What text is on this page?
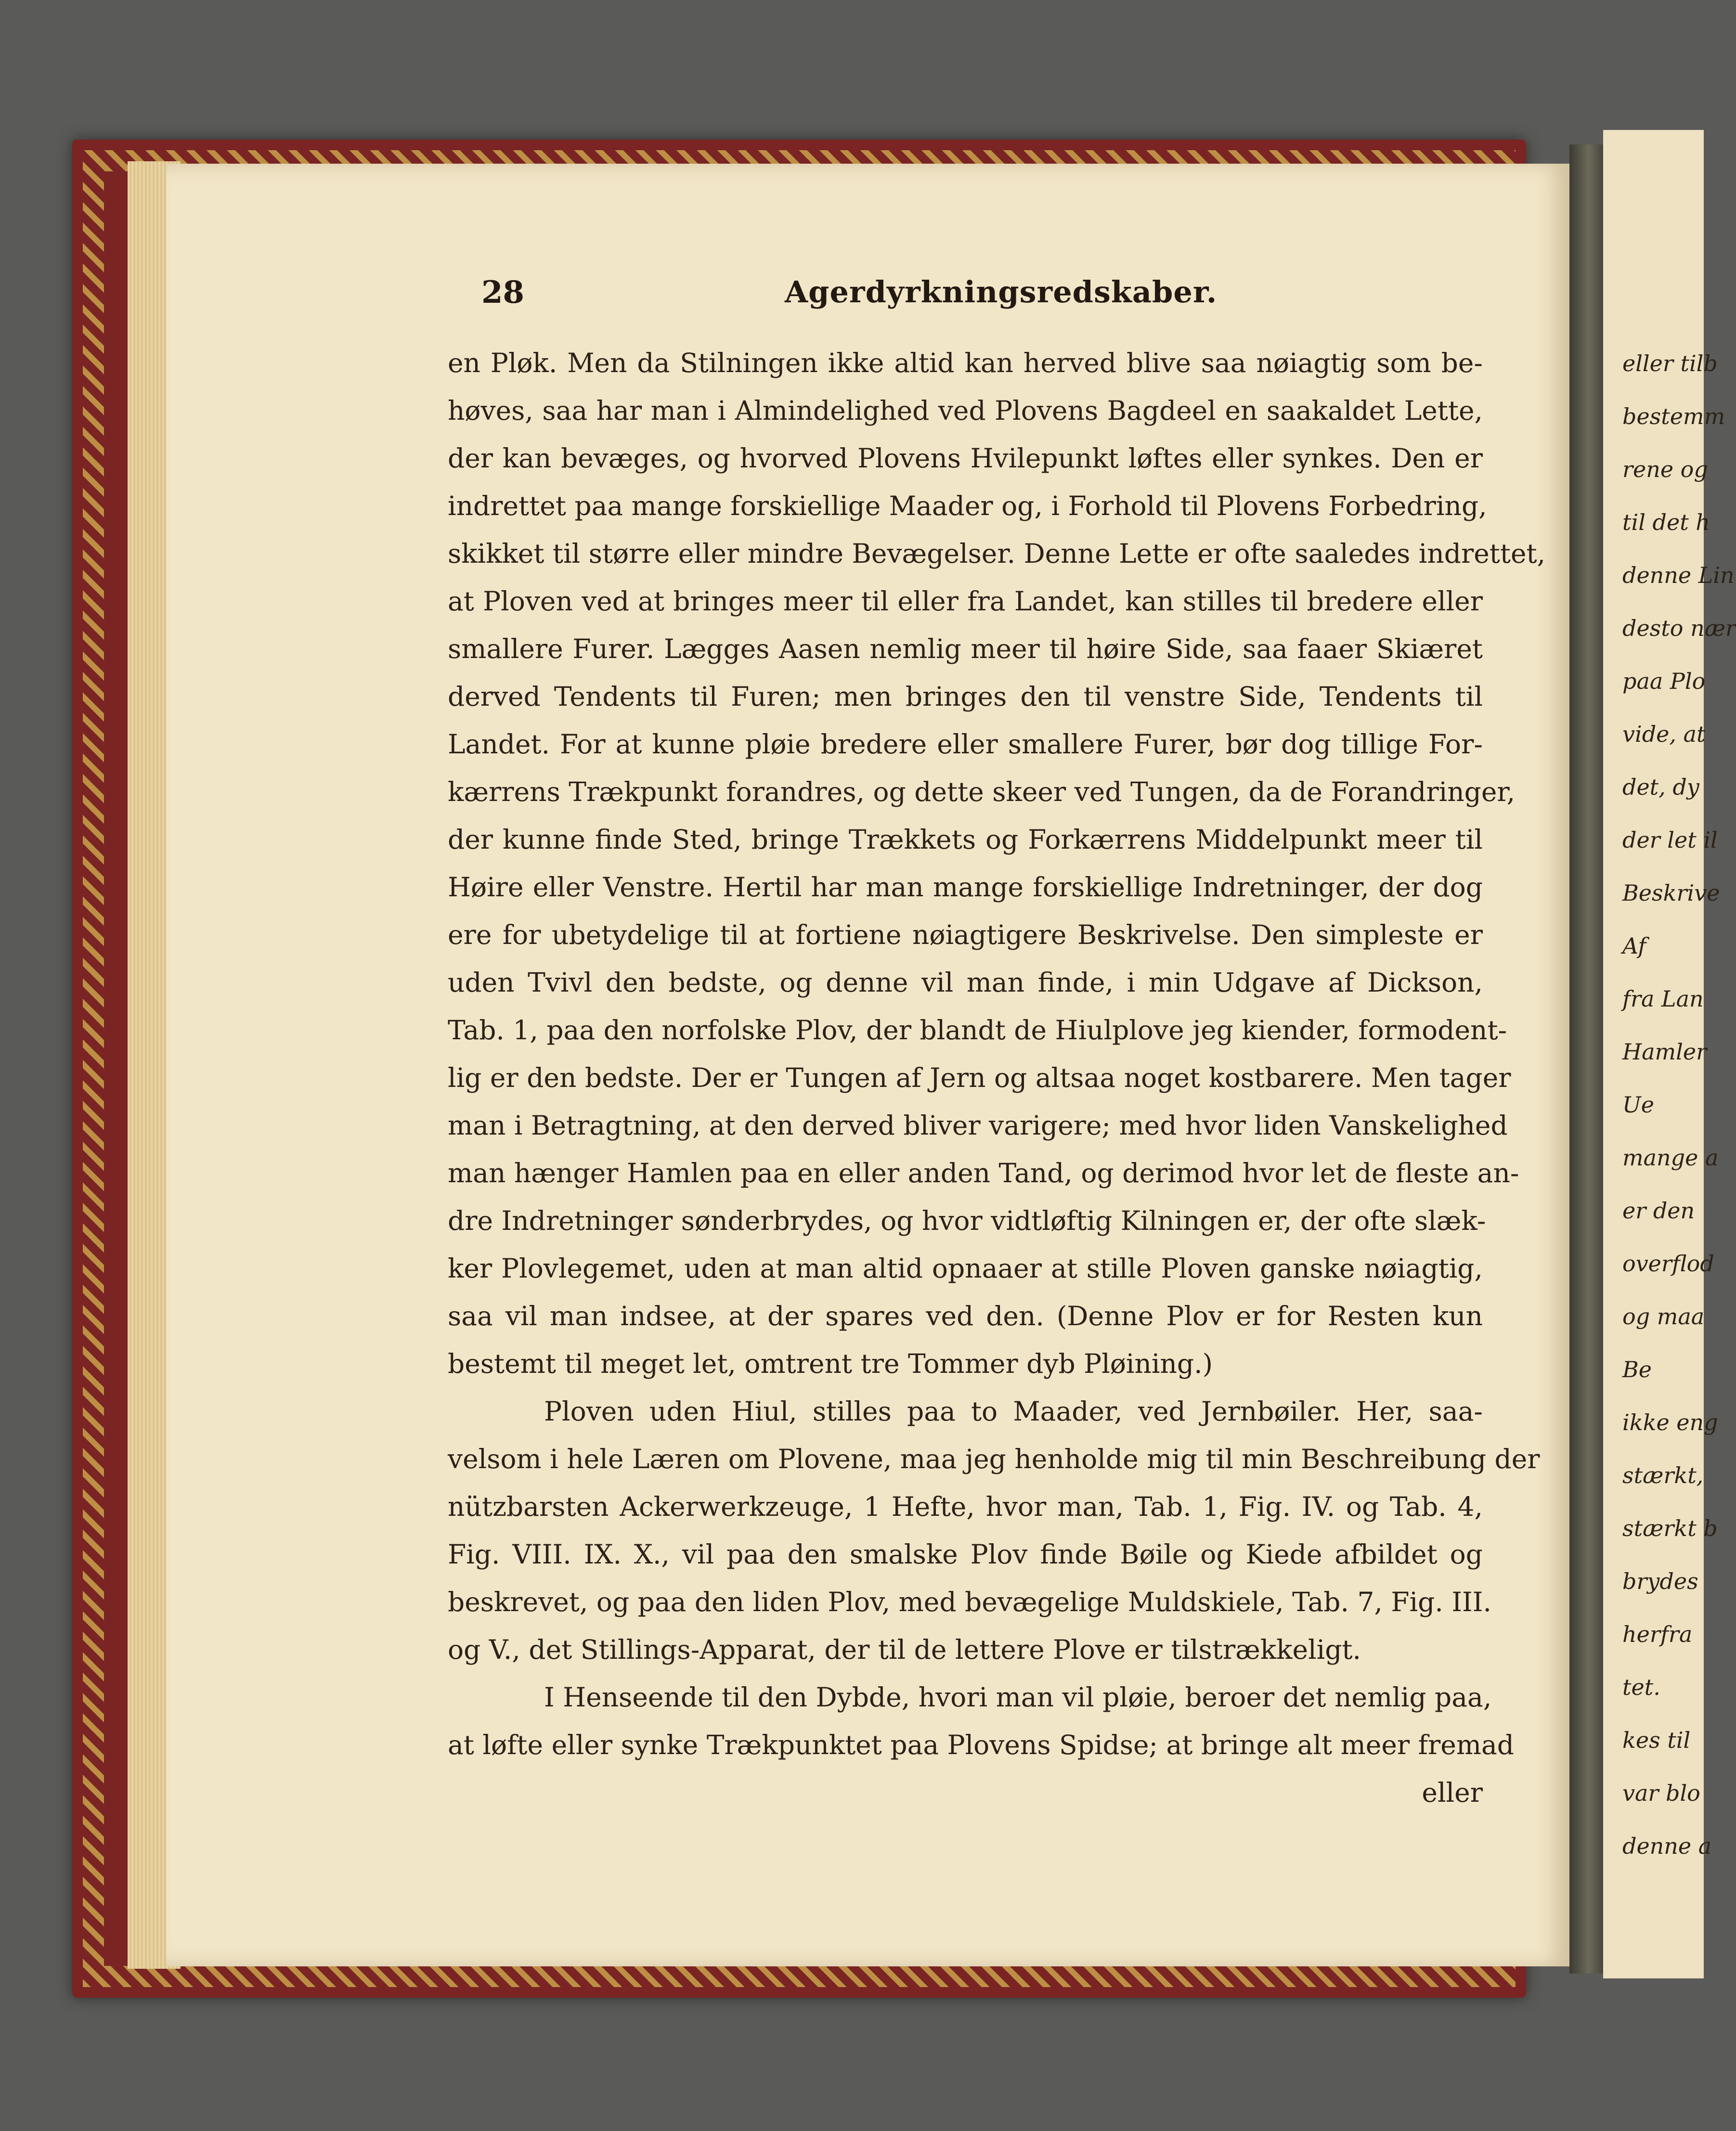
28	Agerdyrkningsredskaber.
en Pløk. Men da Stilningen ikke altid kan herved blive saa nøiagtig som be-
høves, saa har man i Almindelighed ved Plovens Bagdeel en saakaldet Lette,
der kan bevæges, og hvorved Plovens Hvilepunkt løftes eller synkes. Den er
indrettet paa mange forskiellige Maader og, i Forhold til Plovens Forbedring,
skikket til større eller mindre Bevægelser. Denne Lette er ofte saaledes indrettet,
at Ploven ved at bringes meer til eller fra Landet, kan stilles til bredere eller
smallere Furer. Lægges Aasen nemlig meer til høire Side, saa faaer Skiæret
derved Tendents til Furen; men bringes den til venstre Side, Tendents til
Landet. For at kunne pløie bredere eller smallere Furer, bør dog tillige For-
kærrens Trækpunkt forandres, og dette skeer ved Tungen, da de Forandringer,
der kunne finde Sted, bringe Trækkets og Forkærrens Middelpunkt meer til
Høire eller Venstre. Hertil har man mange forskiellige Indretninger, der dog
ere for ubetydelige til at fortiene nøiagtigere Beskrivelse. Den simpleste er
uden Tvivl den bedste, og denne vil man finde, i min Udgave af Dickson,
Tab. 1, paa den norfolske Plov, der blandt de Hiulplove jeg kiender, formodent-
lig er den bedste. Der er Tungen af Jern og altsaa noget kostbarere. Men tager
man i Betragtning, at den derved bliver varigere; med hvor liden Vanskelighed
man hænger Hamlen paa en eller anden Tand, og derimod hvor let de fleste an-
dre Indretninger sønderbrydes, og hvor vidtløftig Kilningen er, der ofte slæk-
ker Plovlegemet, uden at man altid opnaaer at stille Ploven ganske nøiagtig,
saa vil man indsee, at der spares ved den. (Denne Plov er for Resten kun
bestemt til meget let, omtrent tre Tommer dyb Pløining.)
Ploven uden Hiul, stilles paa to Maader, ved Jernbøiler. Her, saa-
velsom i hele Læren om Plovene, maa jeg henholde mig til min Beschreibung der
nützbarsten Ackerwerkzeuge, 1 Hefte, hvor man, Tab. 1, Fig. IV. og Tab. 4,
Fig. VIII. IX. X., vil paa den smalske Plov finde Bøile og Kiede afbildet og
beskrevet, og paa den liden Plov, med bevægelige Muldskiele, Tab. 7, Fig. III.
og V., det Stillings-Apparat, der til de lettere Plove er tilstrækkeligt.
I Henseende til den Dybde, hvori man vil pløie, beroer det nemlig paa,
at løfte eller synke Trækpunktet paa Plovens Spidse; at bringe alt meer fremad
eller
eller tilb
bestemm
rene og
til det h
denne Lin
desto nær
paa Plo
vide, at
det, dy
der let il
Beskrive
Af
fra Lan
Hamler
Ue
mange a
er den
overflod
og maa
Be
ikke eng
stærkt,
stærkt b
brydes
herfra
tet.
kes til
var blo
denne a
